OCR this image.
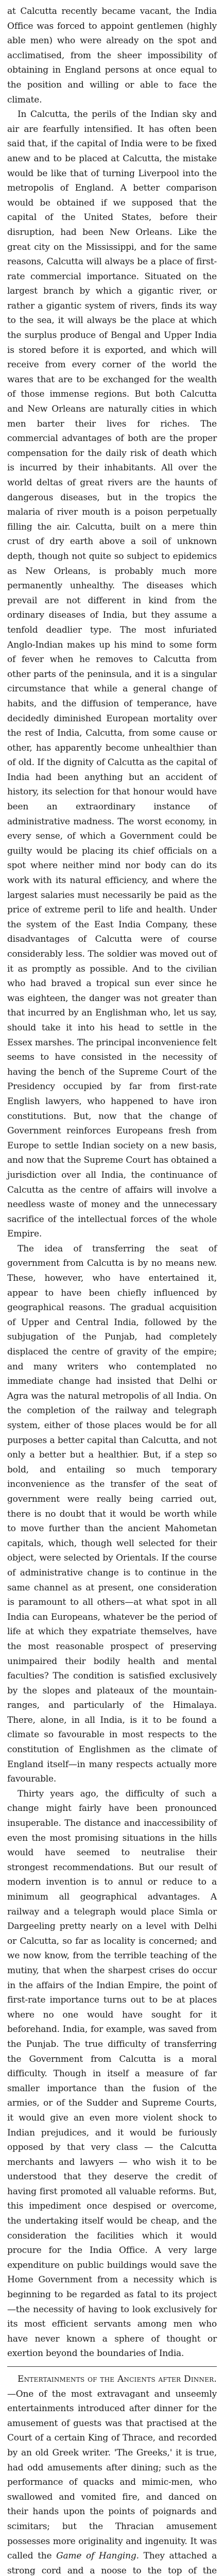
at Calcutta recently became vacant, the India Office was forced to appoint gentlemen (highly able men) who were already on the spot and acclimatised, from the sheer impossibility of obtaining in England persons at once equal to the position and willing or able to face the climate.

In Calcutta, the perils of the Indian sky and air are fearfully intensified. It has often been said that, if the capital of India were to be fixed anew and to be placed at Calcutta, the mistake would be like that of turning Liverpool into the metropolis of England. A better comparison would be obtained if we supposed that the capital of the United States, before their disruption, had been New Orleans. Like the great city on the Mississippi, and for the same reasons, Calcutta will always be a place of first-rate commercial importance. Situated on the largest branch by which a gigantic river, or rather a gigantic system of rivers, finds its way to the sea, it will always be the place at which the surplus produce of Bengal and Upper India is stored before it is exported, and which will receive from every corner of the world the wares that are to be exchanged for the wealth of those immense regions. But both Calcutta and New Orleans are naturally cities in which men barter their lives for riches. The commercial advantages of both are the proper compensation for the daily risk of death which is incurred by their inhabitants. All over the world deltas of great rivers are the haunts of dangerous diseases, but in the tropics the malaria of river mouth is a poison perpetually filling the air. Calcutta, built on a mere thin crust of dry earth above a soil of unknown depth, though not quite so subject to epidemics as New Orleans, is probably much more permanently unhealthy. The diseases which prevail are not different in kind from the ordinary diseases of India, but they assume a tenfold deadlier type. The most infuriated Anglo-Indian makes up his mind to some form of fever when he removes to Calcutta from other parts of the peninsula, and it is a singular circumstance that while a general change of habits, and the diffusion of temperance, have decidedly diminished European mortality over the rest of India, Calcutta, from some cause or other, has apparently become unhealthier than of old. If the dignity of Calcutta as the capital of India had been anything but an accident of history, its selection for that honour would have been an extraordinary instance of administrative madness. The worst economy, in every sense, of which a Government could be guilty would be placing its chief officials on a spot where neither mind nor body can do its work with its natural efficiency, and where the largest salaries must necessarily be paid as the price of extreme peril to life and health. Under the system of the East India Company, these disadvantages of Calcutta were of course considerably less. The soldier was moved out of it as promptly as possible. And to the civilian who had braved a tropical sun ever since he was eighteen, the danger was not greater than that incurred by an Englishman who, let us say, should take it into his head to settle in the Essex marshes. The principal inconvenience felt seems to have consisted in the necessity of having the bench of the Supreme Court of the Presidency occupied by far from first-rate English lawyers, who happened to have iron constitutions. But, now that the change of Government reinforces Europeans fresh from Europe to settle Indian society on a new basis, and now that the Supreme Court has obtained a jurisdiction over all India, the continuance of Calcutta as the centre of affairs will involve a needless waste of money and the unnecessary sacrifice of the intellectual forces of the whole Empire.

The idea of transferring the seat of government from Calcutta is by no means new. These, however, who have entertained it, appear to have been chiefly influenced by geographical reasons. The gradual acquisition of Upper and Central India, followed by the subjugation of the Punjab, had completely displaced the centre of gravity of the empire; and many writers who contemplated no immediate change had insisted that Delhi or Agra was the natural metropolis of all India. On the completion of the railway and telegraph system, either of those places would be for all purposes a better capital than Calcutta, and not only a better but a healthier. But, if a step so bold, and entailing so much temporary inconvenience as the transfer of the seat of government were really being carried out, there is no doubt that it would be worth while to move further than the ancient Mahometan capitals, which, though well selected for their object, were selected by Orientals. If the course of administrative change is to continue in the same channel as at present, one consideration is paramount to all others—at what spot in all India can Europeans, whatever be the period of life at which they expatriate themselves, have the most reasonable prospect of preserving unimpaired their bodily health and mental faculties? The condition is satisfied exclusively by the slopes and plateaux of the mountain-ranges, and particularly of the Himalaya. There, alone, in all India, is it to be found a climate so favourable in most respects to the constitution of Englishmen as the climate of England itself—in many respects actually more favourable.

Thirty years ago, the difficulty of such a change might fairly have been pronounced insuperable. The distance and inaccessibility of even the most promising situations in the hills would have seemed to neutralise their strongest recommendations. But our result of modern invention is to annul or reduce to a minimum all geographical advantages. A railway and a telegraph would place Simla or Dargeeling pretty nearly on a level with Delhi or Calcutta, so far as locality is concerned; and we now know, from the terrible teaching of the mutiny, that when the sharpest crises do occur in the affairs of the Indian Empire, the point of first-rate importance turns out to be at places where no one would have sought for it beforehand. India, for example, was saved from the Punjab. The true difficulty of transferring the Government from Calcutta is a moral difficulty. Though in itself a measure of far smaller importance than the fusion of the armies, or of the Sudder and Supreme Courts, it would give an even more violent shock to Indian prejudices, and it would be furiously opposed by that very class — the Calcutta merchants and lawyers — who wish it to be understood that they deserve the credit of having first promoted all valuable reforms. But, this impediment once despised or overcome, the undertaking itself would be cheap, and the consideration the facilities which it would procure for the India Office. A very large expenditure on public buildings would save the Home Government from a necessity which is beginning to be regarded as fatal to its project—the necessity of having to look exclusively for its most efficient servants among men who have never known a sphere of thought or exertion beyond the boundaries of India.

Entertainments of the Ancients after Dinner.—One of the most extravagant and unseemly entertainments introduced after dinner for the amusement of guests was that practised at the Court of a certain King of Thrace, and recorded by an old Greek writer. 'The Greeks,' it is true, had odd amusements after dining; such as the performance of quacks and mimic-men, who swallowed and vomited fire, and danced on their hands upon the points of poignards and scimitars; but the Thracian amusement possesses more originality and ingenuity. It was called the Game of Hanging. They attached a strong cord and a noose to the top of the
